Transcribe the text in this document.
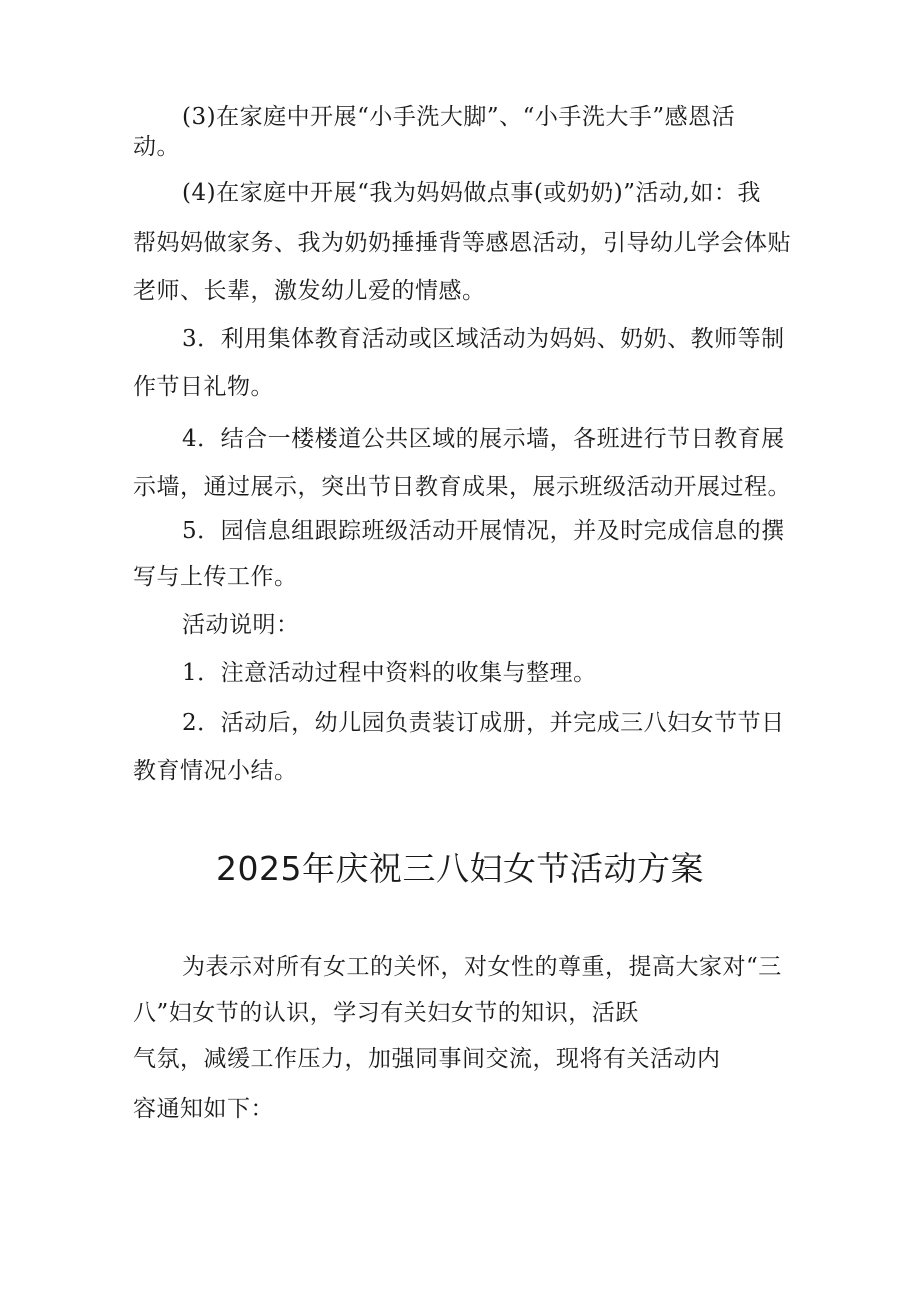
(3)在家庭中开展“小手洗大脚”、“小手洗大手”感恩活

动。

(4)在家庭中开展“我为妈妈做点事(或奶奶)”活动,如：我

帮妈妈做家务、我为奶奶捶捶背等感恩活动，引导幼儿学会体贴

老师、长辈，激发幼儿爱的情感。

3．利用集体教育活动或区域活动为妈妈、奶奶、教师等制

作节日礼物。

4．结合一楼楼道公共区域的展示墙，各班进行节日教育展

示墙，通过展示，突出节日教育成果，展示班级活动开展过程。

5．园信息组跟踪班级活动开展情况，并及时完成信息的撰

写与上传工作。

活动说明：

1．注意活动过程中资料的收集与整理。

2．活动后，幼儿园负责装订成册，并完成三八妇女节节日

教育情况小结。

2025年庆祝三八妇女节活动方案

为表示对所有女工的关怀，对女性的尊重，提高大家对“三

八”妇女节的认识，学习有关妇女节的知识，活跃

气氛，减缓工作压力，加强同事间交流，现将有关活动内

容通知如下：
